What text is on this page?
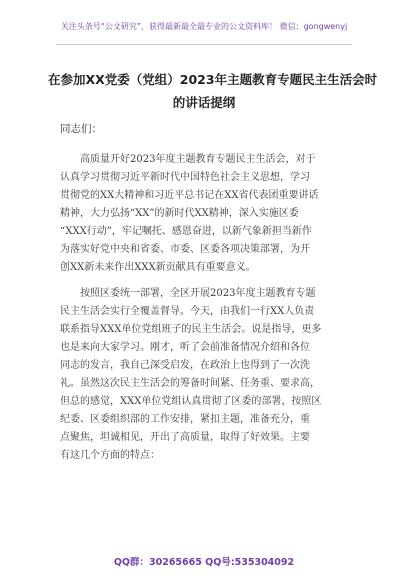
关注头条号“公文研究”，获得最新最全最专业的公文资料库！ 微信：gongwenyj
在参加XX党委（党组）2023年主题教育专题民主生活会时
的讲话提纲
同志们：
高质量开好2023年度主题教育专题民主生活会，对于
认真学习贯彻习近平新时代中国特色社会主义思想，学习
贯彻党的XX大精神和习近平总书记在XX省代表团重要讲话
精神，大力弘扬“XX”的新时代XX精神，深入实施区委
“XXX行动”，牢记嘱托、感恩奋进，以新气象新担当新作
为落实好党中央和省委、市委、区委各项决策部署，为开
创XX新未来作出XXX新贡献具有重要意义。
按照区委统一部署，全区开展2023年度主题教育专题
民主生活会实行全覆盖督导。今天，由我们一行XX人负责
联系指导XXX单位党组班子的民主生活会。说是指导，更多
也是来向大家学习。刚才，听了会前准备情况介绍和各位
同志的发言，我自己深受启发，在政治上也得到了一次洗
礼。虽然这次民主生活会的筹备时间紧、任务重、要求高，
但总的感觉，XXX单位党组认真贯彻了区委的部署，按照区
纪委、区委组织部的工作安排，紧扣主题，准备充分，重
点聚焦，坦诚相见，开出了高质量，取得了好效果。主要
有这几个方面的特点：
QQ群：30265665 QQ号:535304092
